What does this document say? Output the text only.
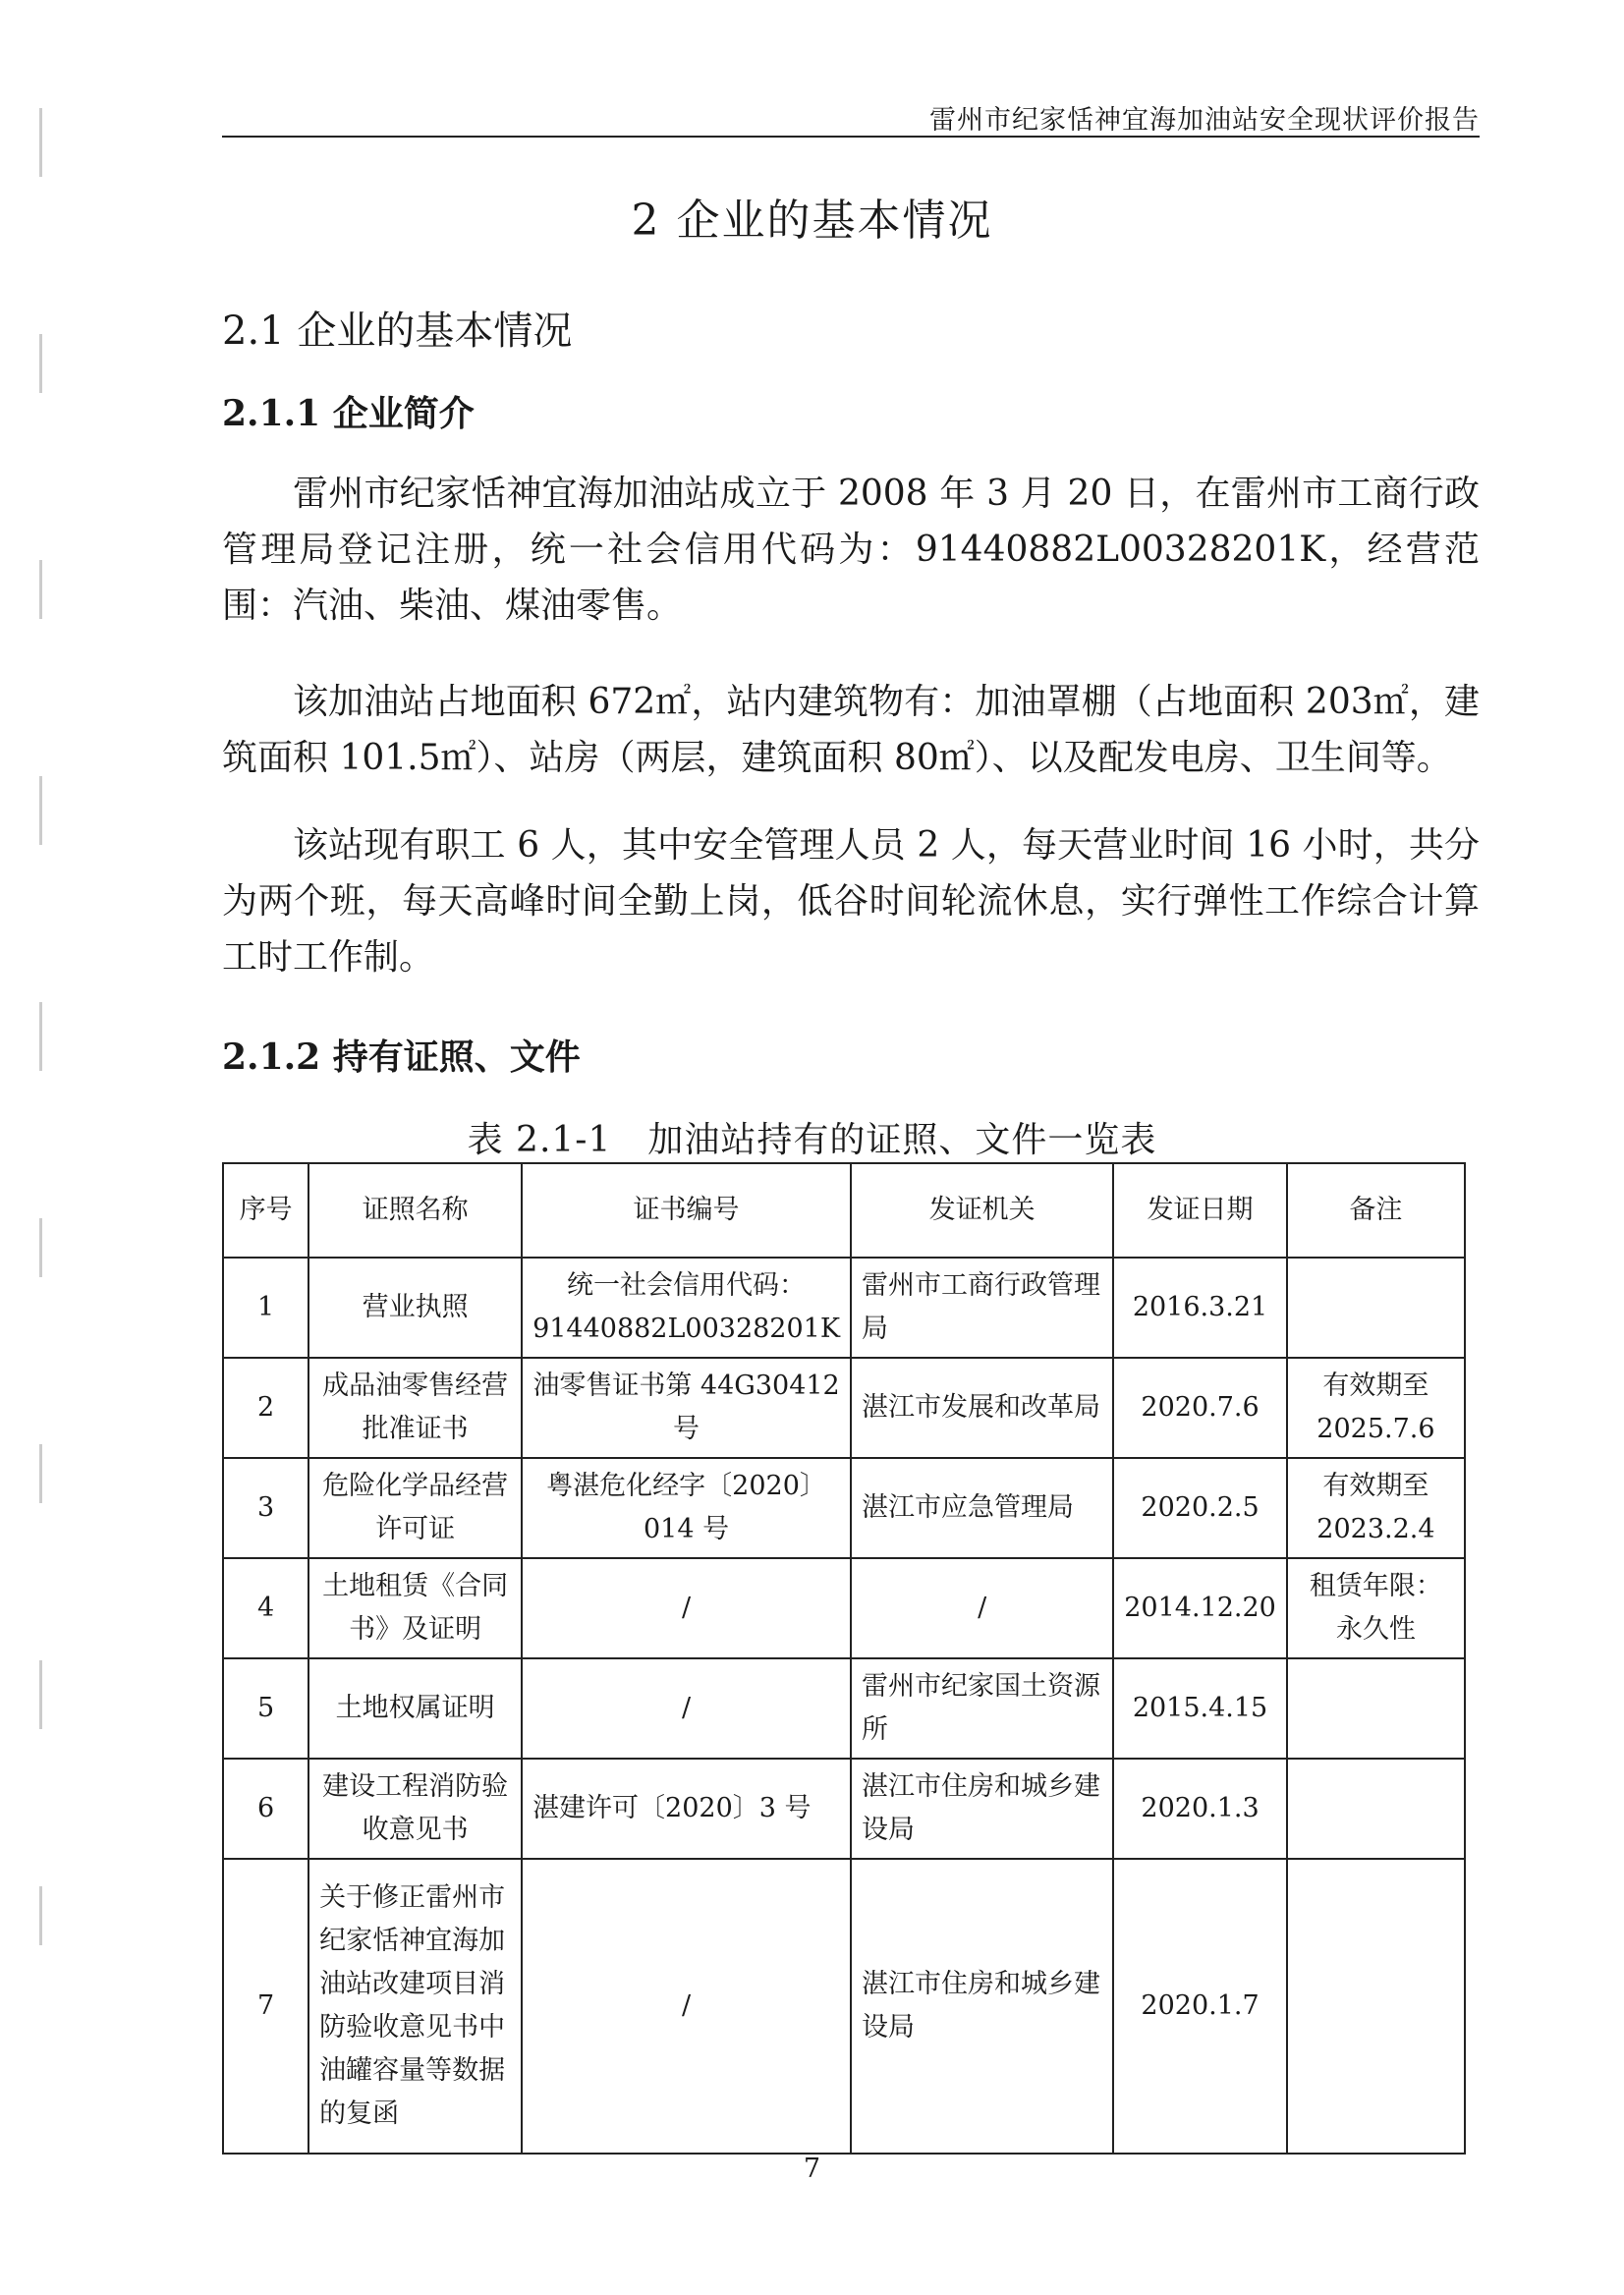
雷州市纪家恬神宜海加油站安全现状评价报告
2 企业的基本情况
2.1 企业的基本情况
2.1.1 企业简介

雷州市纪家恬神宜海加油站成立于 2008 年 3 月 20 日，在雷州市工商行政管理局登记注册，统一社会信用代码为：91440882L00328201K，经营范围：汽油、柴油、煤油零售。

该加油站占地面积 672㎡，站内建筑物有：加油罩棚（占地面积 203㎡，建筑面积 101.5㎡）、站房（两层，建筑面积 80㎡）、以及配发电房、卫生间等。

该站现有职工 6 人，其中安全管理人员 2 人，每天营业时间 16 小时，共分为两个班，每天高峰时间全勤上岗，低谷时间轮流休息，实行弹性工作综合计算工时工作制。

2.1.2 持有证照、文件
表 2.1-1　加油站持有的证照、文件一览表
序号	证照名称	证书编号	发证机关	发证日期	备注
1	营业执照	统一社会信用代码：91440882L00328201K	雷州市工商行政管理局	2016.3.21	
2	成品油零售经营批准证书	油零售证书第 44G30412 号	湛江市发展和改革局	2020.7.6	有效期至 2025.7.6
3	危险化学品经营许可证	粤湛危化经字〔2020〕014 号	湛江市应急管理局	2020.2.5	有效期至 2023.2.4
4	土地租赁《合同书》及证明	/	/	2014.12.20	租赁年限：永久性
5	土地权属证明	/	雷州市纪家国土资源所	2015.4.15	
6	建设工程消防验收意见书	湛建许可〔2020〕3 号	湛江市住房和城乡建设局	2020.1.3	
7	关于修正雷州市纪家恬神宜海加油站改建项目消防验收意见书中油罐容量等数据的复函	/	湛江市住房和城乡建设局	2020.1.7	
7
